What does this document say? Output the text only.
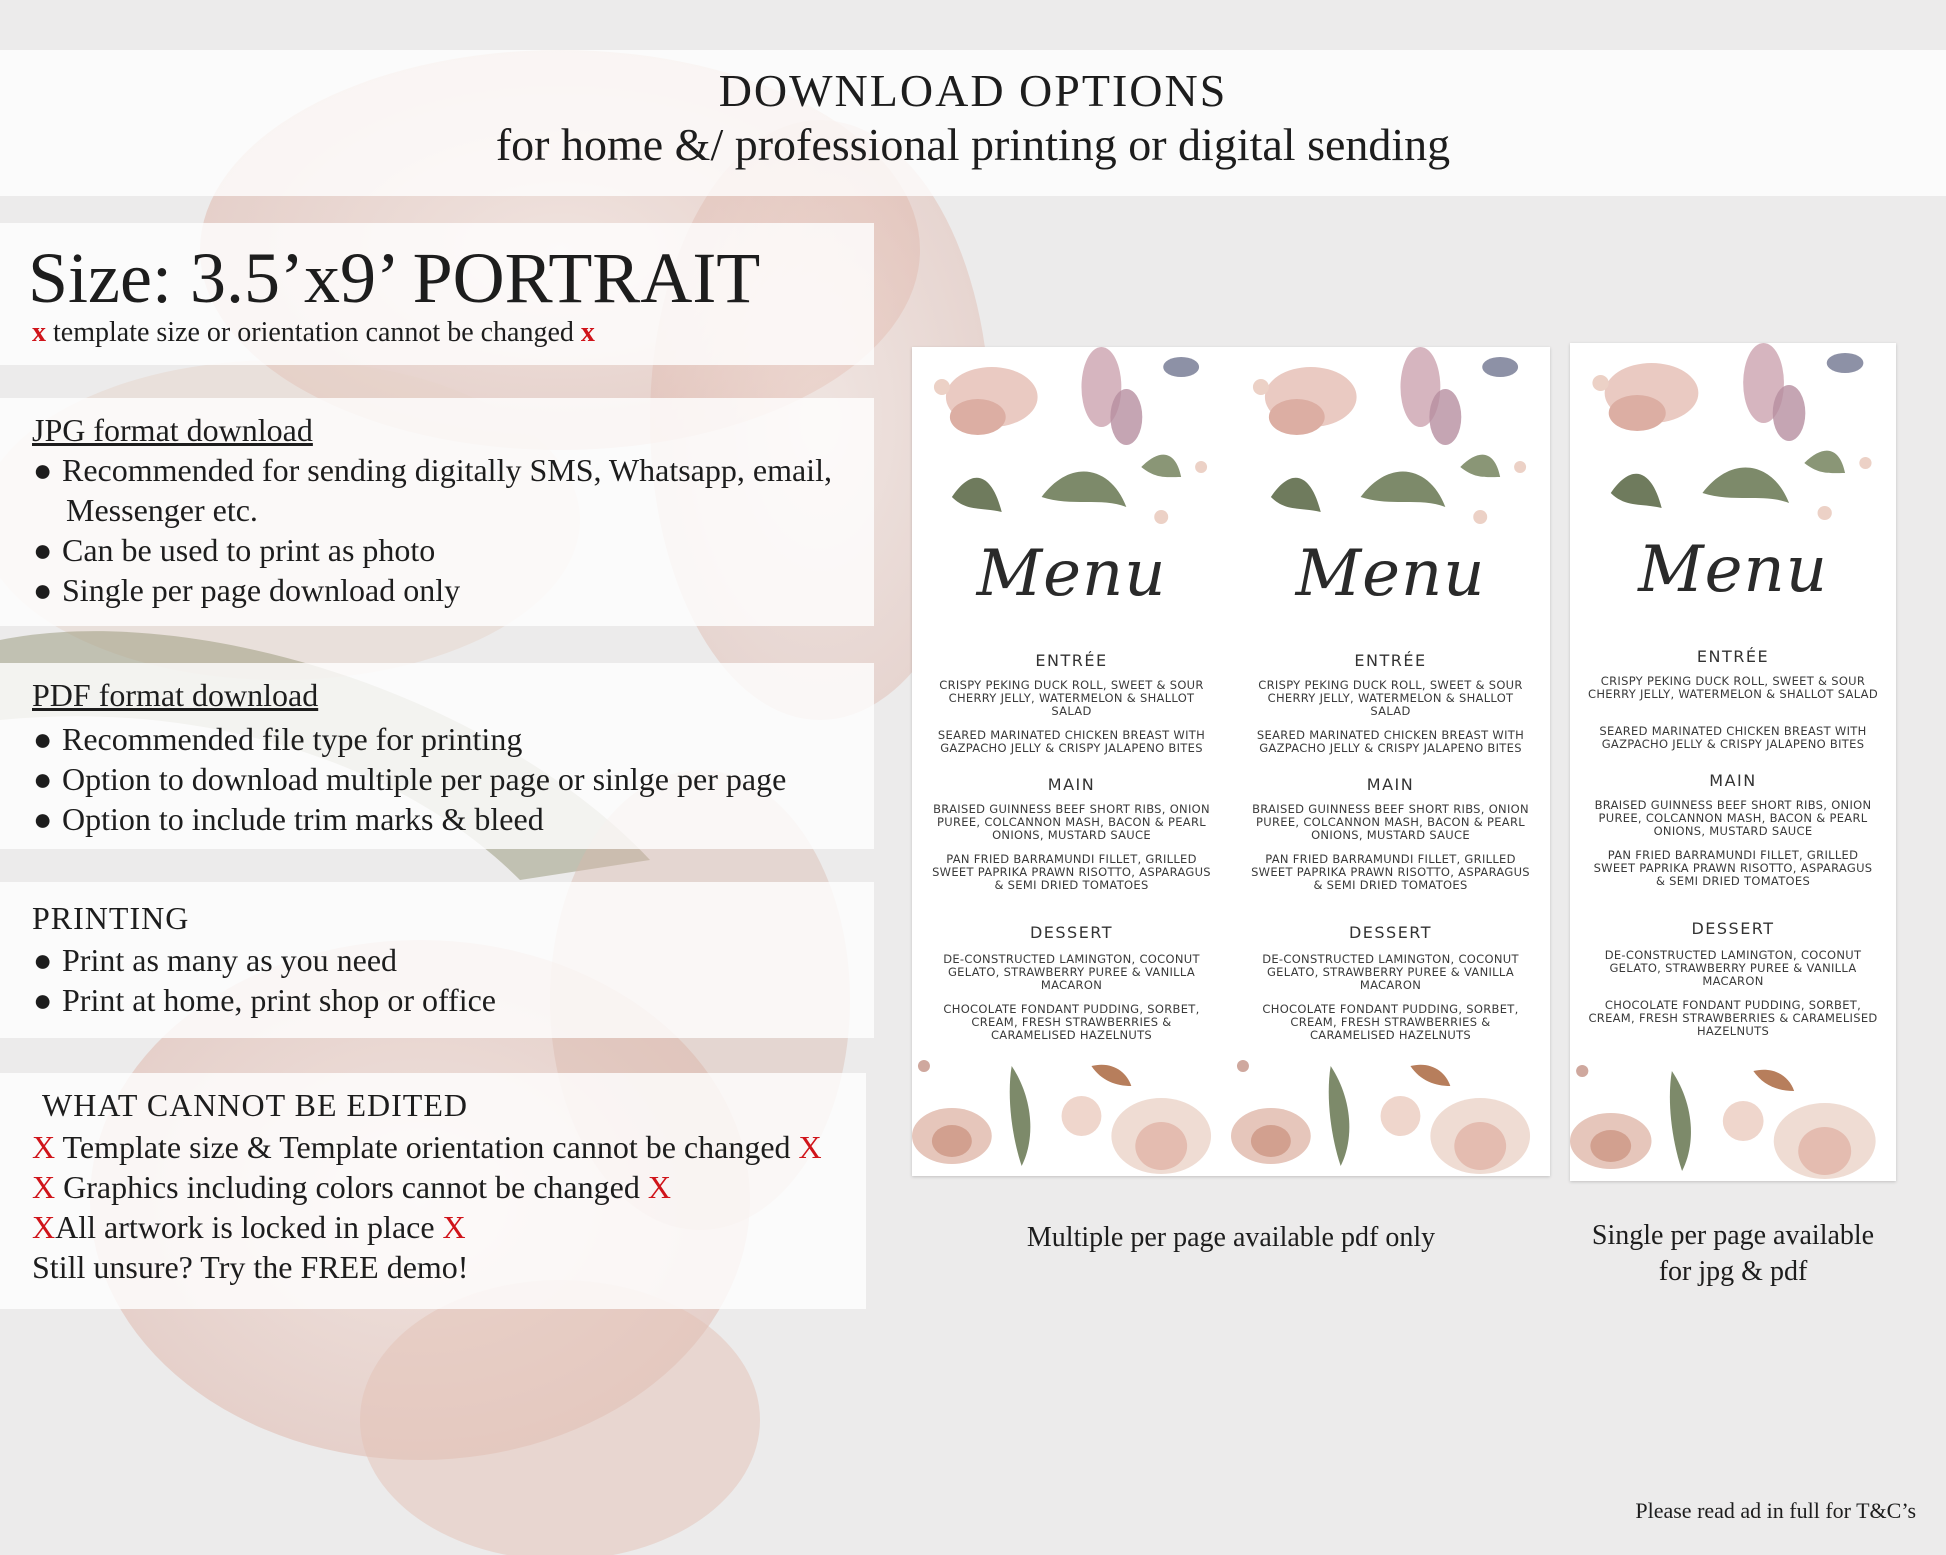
DOWNLOAD OPTIONS
for home &/ professional printing or digital sending
Size: 3.5’x9’ PORTRAIT
x template size or orientation cannot be changed x
JPG format download
● Recommended for sending digitally SMS, Whatsapp, email,
Messenger etc.
● Can be used to print as photo
● Single per page download only
PDF format download
● Recommended file type for printing
● Option to download multiple per page or sinlge per page
● Option to include trim marks & bleed
PRINTING
● Print as many as you need
● Print at home, print shop or office
WHAT CANNOT BE EDITED
X Template size & Template orientation cannot be changed X
X Graphics including colors cannot be changed X
XAll artwork is locked in place X
Still unsure? Try the FREE demo!
Menu
ENTRÉE
CRISPY PEKING DUCK ROLL, SWEET & SOUR CHERRY JELLY, WATERMELON & SHALLOT SALAD
SEARED MARINATED CHICKEN BREAST WITH GAZPACHO JELLY & CRISPY JALAPENO BITES
MAIN
BRAISED GUINNESS BEEF SHORT RIBS, ONION PUREE, COLCANNON MASH, BACON & PEARL ONIONS, MUSTARD SAUCE
PAN FRIED BARRAMUNDI FILLET, GRILLED SWEET PAPRIKA PRAWN RISOTTO, ASPARAGUS & SEMI DRIED TOMATOES
DESSERT
DE-CONSTRUCTED LAMINGTON, COCONUT GELATO, STRAWBERRY PUREE & VANILLA MACARON
CHOCOLATE FONDANT PUDDING, SORBET, CREAM, FRESH STRAWBERRIES & CARAMELISED HAZELNUTS
Menu
ENTRÉE
CRISPY PEKING DUCK ROLL, SWEET & SOUR CHERRY JELLY, WATERMELON & SHALLOT SALAD
SEARED MARINATED CHICKEN BREAST WITH GAZPACHO JELLY & CRISPY JALAPENO BITES
MAIN
BRAISED GUINNESS BEEF SHORT RIBS, ONION PUREE, COLCANNON MASH, BACON & PEARL ONIONS, MUSTARD SAUCE
PAN FRIED BARRAMUNDI FILLET, GRILLED SWEET PAPRIKA PRAWN RISOTTO, ASPARAGUS & SEMI DRIED TOMATOES
DESSERT
DE-CONSTRUCTED LAMINGTON, COCONUT GELATO, STRAWBERRY PUREE & VANILLA MACARON
CHOCOLATE FONDANT PUDDING, SORBET, CREAM, FRESH STRAWBERRIES & CARAMELISED HAZELNUTS
Menu
ENTRÉE
CRISPY PEKING DUCK ROLL, SWEET & SOUR CHERRY JELLY, WATERMELON & SHALLOT SALAD
SEARED MARINATED CHICKEN BREAST WITH GAZPACHO JELLY & CRISPY JALAPENO BITES
MAIN
BRAISED GUINNESS BEEF SHORT RIBS, ONION PUREE, COLCANNON MASH, BACON & PEARL ONIONS, MUSTARD SAUCE
PAN FRIED BARRAMUNDI FILLET, GRILLED SWEET PAPRIKA PRAWN RISOTTO, ASPARAGUS & SEMI DRIED TOMATOES
DESSERT
DE-CONSTRUCTED LAMINGTON, COCONUT GELATO, STRAWBERRY PUREE & VANILLA MACARON
CHOCOLATE FONDANT PUDDING, SORBET, CREAM, FRESH STRAWBERRIES & CARAMELISED HAZELNUTS
Multiple per page available pdf only	Single per page available
for jpg & pdf
Please read ad in full for T&C’s
